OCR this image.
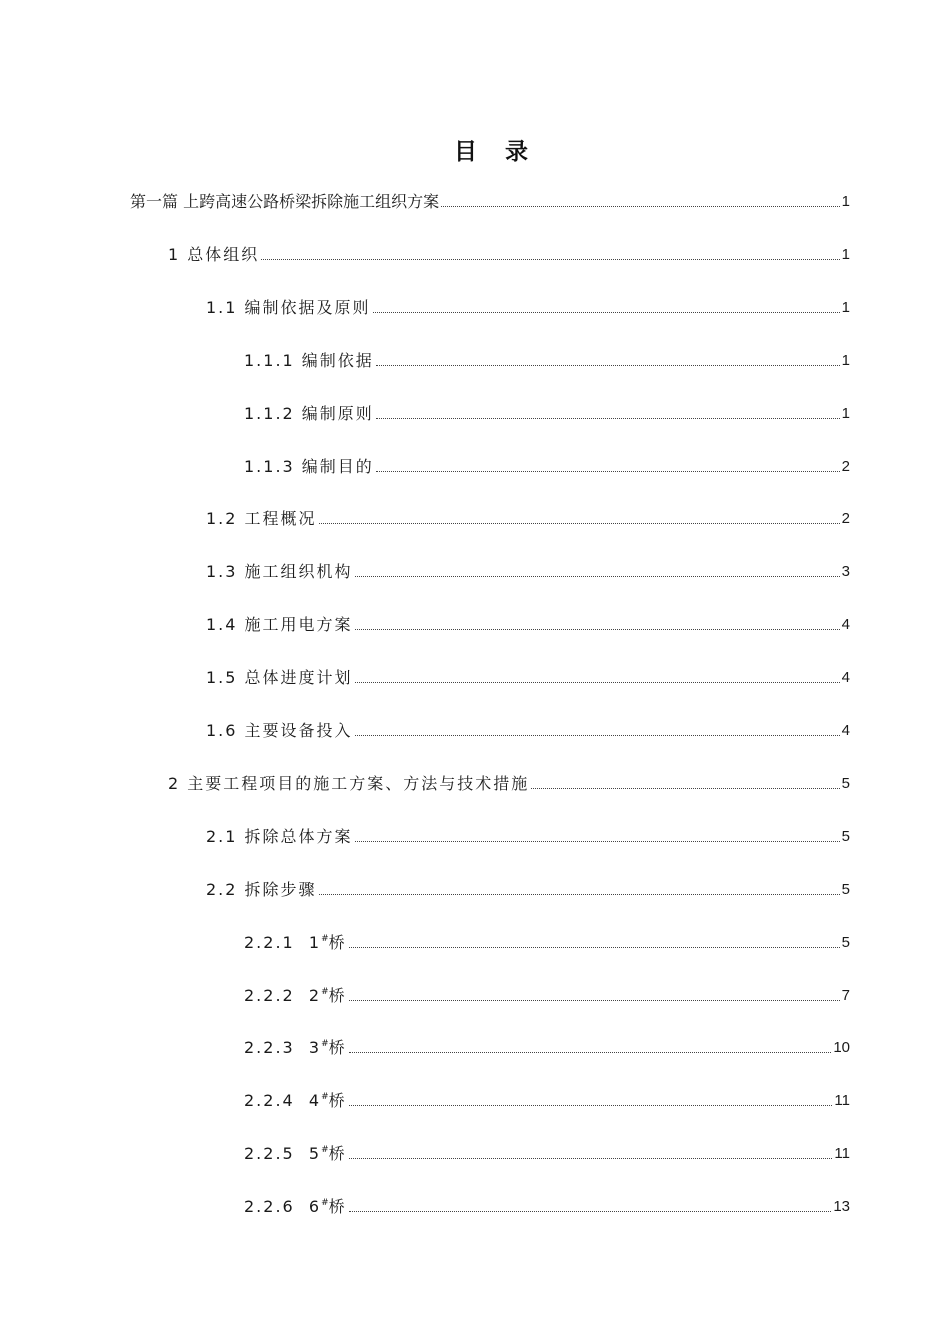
目 录
第一篇 上跨高速公路桥梁拆除施工组织方案	1
1 总体组织	1
1.1 编制依据及原则	1
1.1.1 编制依据	1
1.1.2 编制原则	1
1.1.3 编制目的	2
1.2 工程概况	2
1.3 施工组织机构	3
1.4 施工用电方案	4
1.5 总体进度计划	4
1.6 主要设备投入	4
2 主要工程项目的施工方案、方法与技术措施	5
2.1 拆除总体方案	5
2.2 拆除步骤	5
2.2.1 1#桥	5
2.2.2 2#桥	7
2.2.3 3#桥	10
2.2.4 4#桥	11
2.2.5 5#桥	11
2.2.6 6#桥	13
